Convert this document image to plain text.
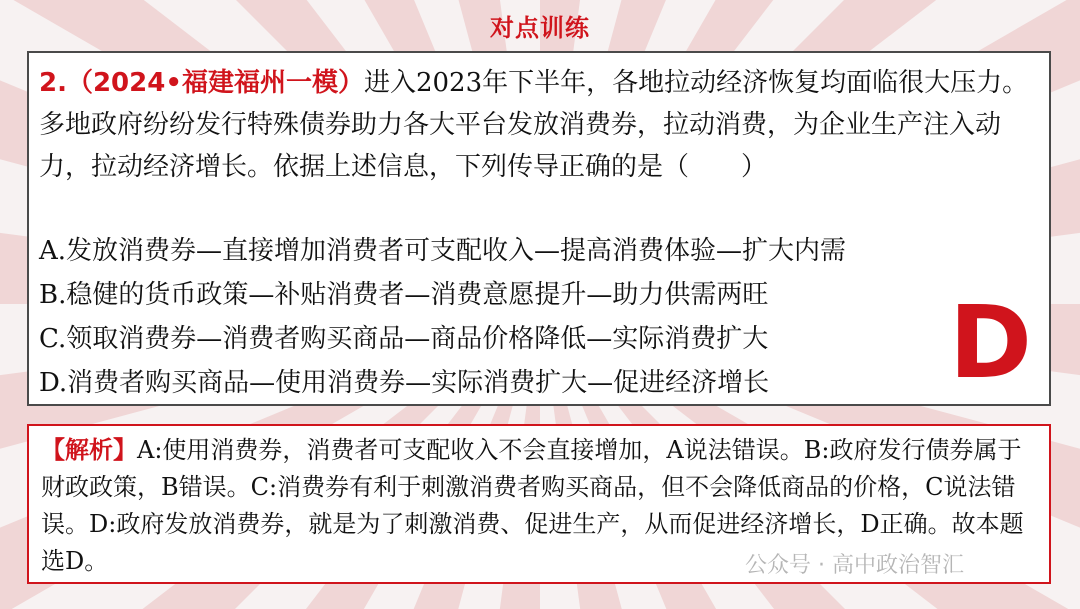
对点训练
2.（2024•福建福州一模）进入2023年下半年，各地拉动经济恢复均面临很大压力。多地政府纷纷发行特殊债券助力各大平台发放消费券，拉动消费，为企业生产注入动力，拉动经济增长。依据上述信息，下列传导正确的是（　　）
A.发放消费券—直接增加消费者可支配收入—提高消费体验—扩大内需
B.稳健的货币政策—补贴消费者—消费意愿提升—助力供需两旺
C.领取消费券—消费者购买商品—商品价格降低—实际消费扩大
D.消费者购买商品—使用消费券—实际消费扩大—促进经济增长	D
【解析】A:使用消费券，消费者可支配收入不会直接增加，A说法错误。B:政府发行债券属于财政政策，B错误。C:消费券有利于刺激消费者购买商品，但不会降低商品的价格，C说法错误。D:政府发放消费券，就是为了刺激消费、促进生产，从而促进经济增长，D正确。故本题选D。	公众号 · 高中政治智汇
